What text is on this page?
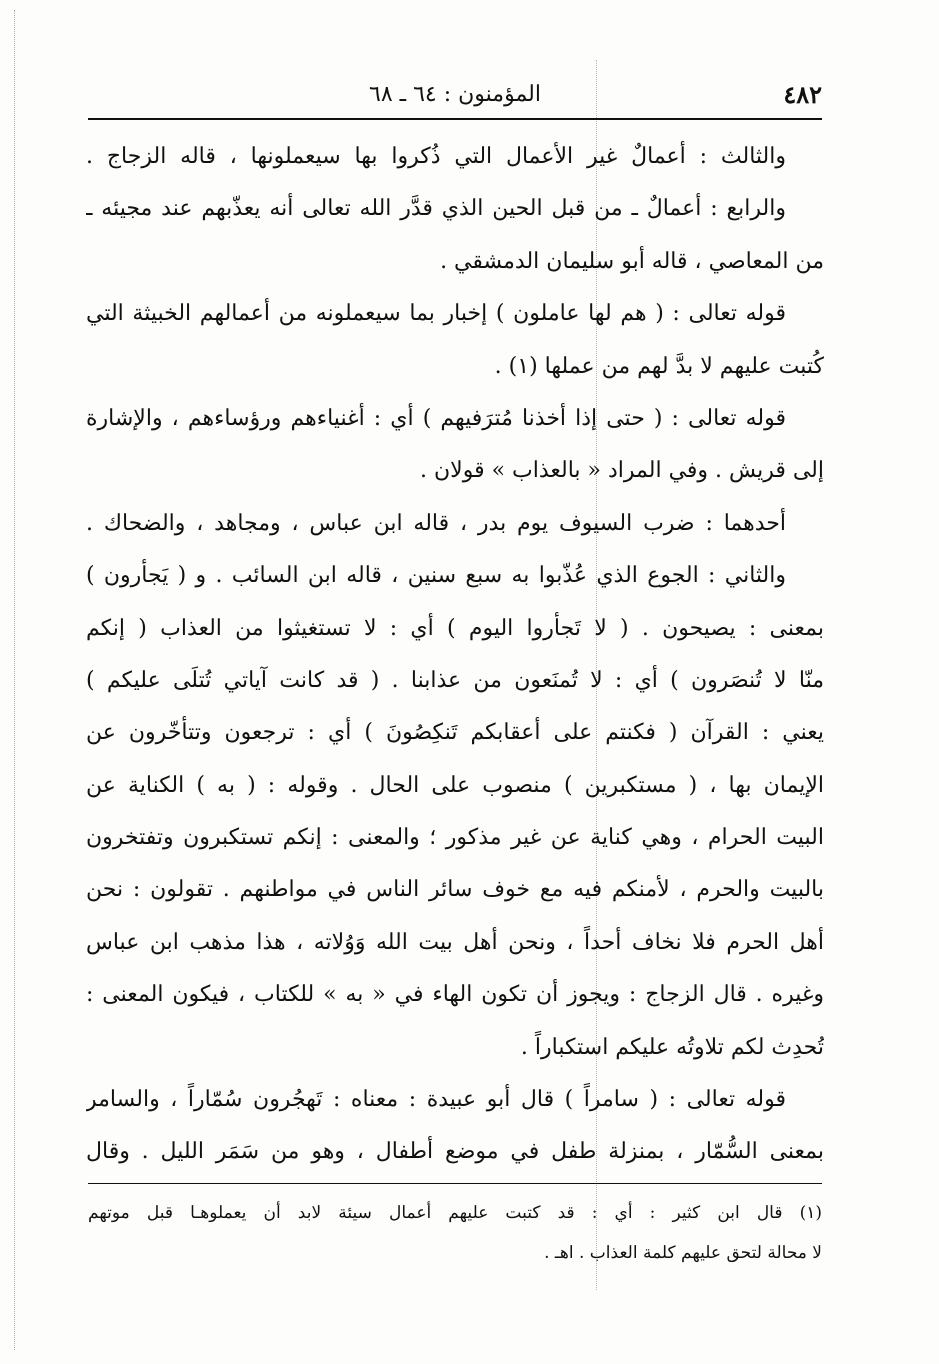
٤٨٢
المؤمنون : ٦٤ ـ ٦٨
والثالث : أعمالٌ غير الأعمال التي ذُكروا بها سيعملونها ، قاله الزجاج .
والرابع : أعمالٌ ـ من قبل الحين الذي قدَّر الله تعالى أنه يعذّبهم عند مجيئه ـ
من المعاصي ، قاله أبو سليمان الدمشقي .
قوله تعالى : ( هم لها عاملون ) إخبار بما سيعملونه من أعمالهم الخبيثة التي
كُتبت عليهم لا بدَّ لهم من عملها (١) .
قوله تعالى : ( حتى إذا أخذنا مُترَفيهم ) أي : أغنياءهم ورؤساءهم ، والإشارة
إلى قريش . وفي المراد « بالعذاب » قولان .
أحدهما : ضرب السيوف يوم بدر ، قاله ابن عباس ، ومجاهد ، والضحاك .
والثاني : الجوع الذي عُذّبوا به سبع سنين ، قاله ابن السائب . و ( يَجأرون )
بمعنى : يصيحون . ( لا تَجأروا اليوم ) أي : لا تستغيثوا من العذاب ( إنكم
منّا لا تُنصَرون ) أي : لا تُمنَعون من عذابنا . ( قد كانت آياتي تُتلَى عليكم )
يعني : القرآن ( فكنتم على أعقابكم تَنكِصُونَ ) أي : ترجعون وتتأخّرون عن
الإيمان بها ، ( مستكبرين ) منصوب على الحال . وقوله : ( به ) الكناية عن
البيت الحرام ، وهي كناية عن غير مذكور ؛ والمعنى : إنكم تستكبرون وتفتخرون
بالبيت والحرم ، لأمنكم فيه مع خوف سائر الناس في مواطنهم . تقولون : نحن
أهل الحرم فلا نخاف أحداً ، ونحن أهل بيت الله وَوُلاته ، هذا مذهب ابن عباس
وغيره . قال الزجاج : ويجوز أن تكون الهاء في « به » للكتاب ، فيكون المعنى :
تُحدِث لكم تلاوتُه عليكم استكباراً .
قوله تعالى : ( سامراً ) قال أبو عبيدة : معناه : تَهجُرون سُمّاراً ، والسامر
بمعنى السُّمّار ، بمنزلة طفل في موضع أطفال ، وهو من سَمَر الليل . وقال
(١) قال ابن كثير : أي : قد كتبت عليهم أعمال سيئة لابد أن يعملوهـا قبل موتهم
لا محالة لتحق عليهم كلمة العذاب . اهـ .
